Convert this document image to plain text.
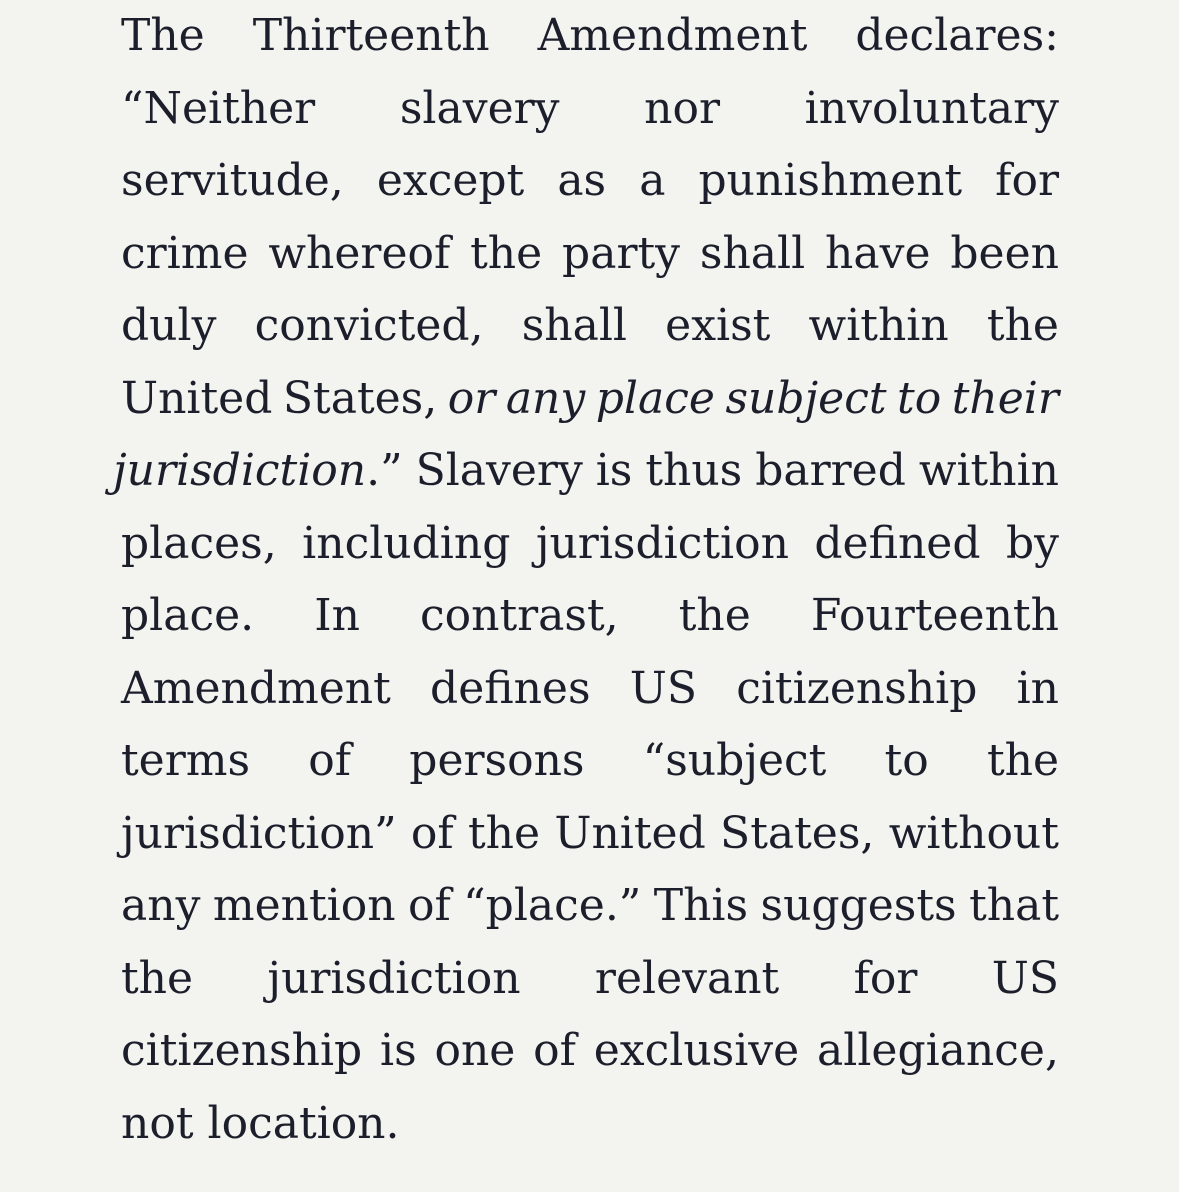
The Thirteenth Amendment declares:
“Neither slavery nor involuntary
servitude, except as a punishment for
crime whereof the party shall have been
duly convicted, shall exist within the
United States, or any place subject to their
jurisdiction.” Slavery is thus barred within
places, including jurisdiction defined by
place. In contrast, the Fourteenth
Amendment defines US citizenship in
terms of persons “subject to the
jurisdiction” of the United States, without
any mention of “place.” This suggests that
the jurisdiction relevant for US
citizenship is one of exclusive allegiance,
not location.
